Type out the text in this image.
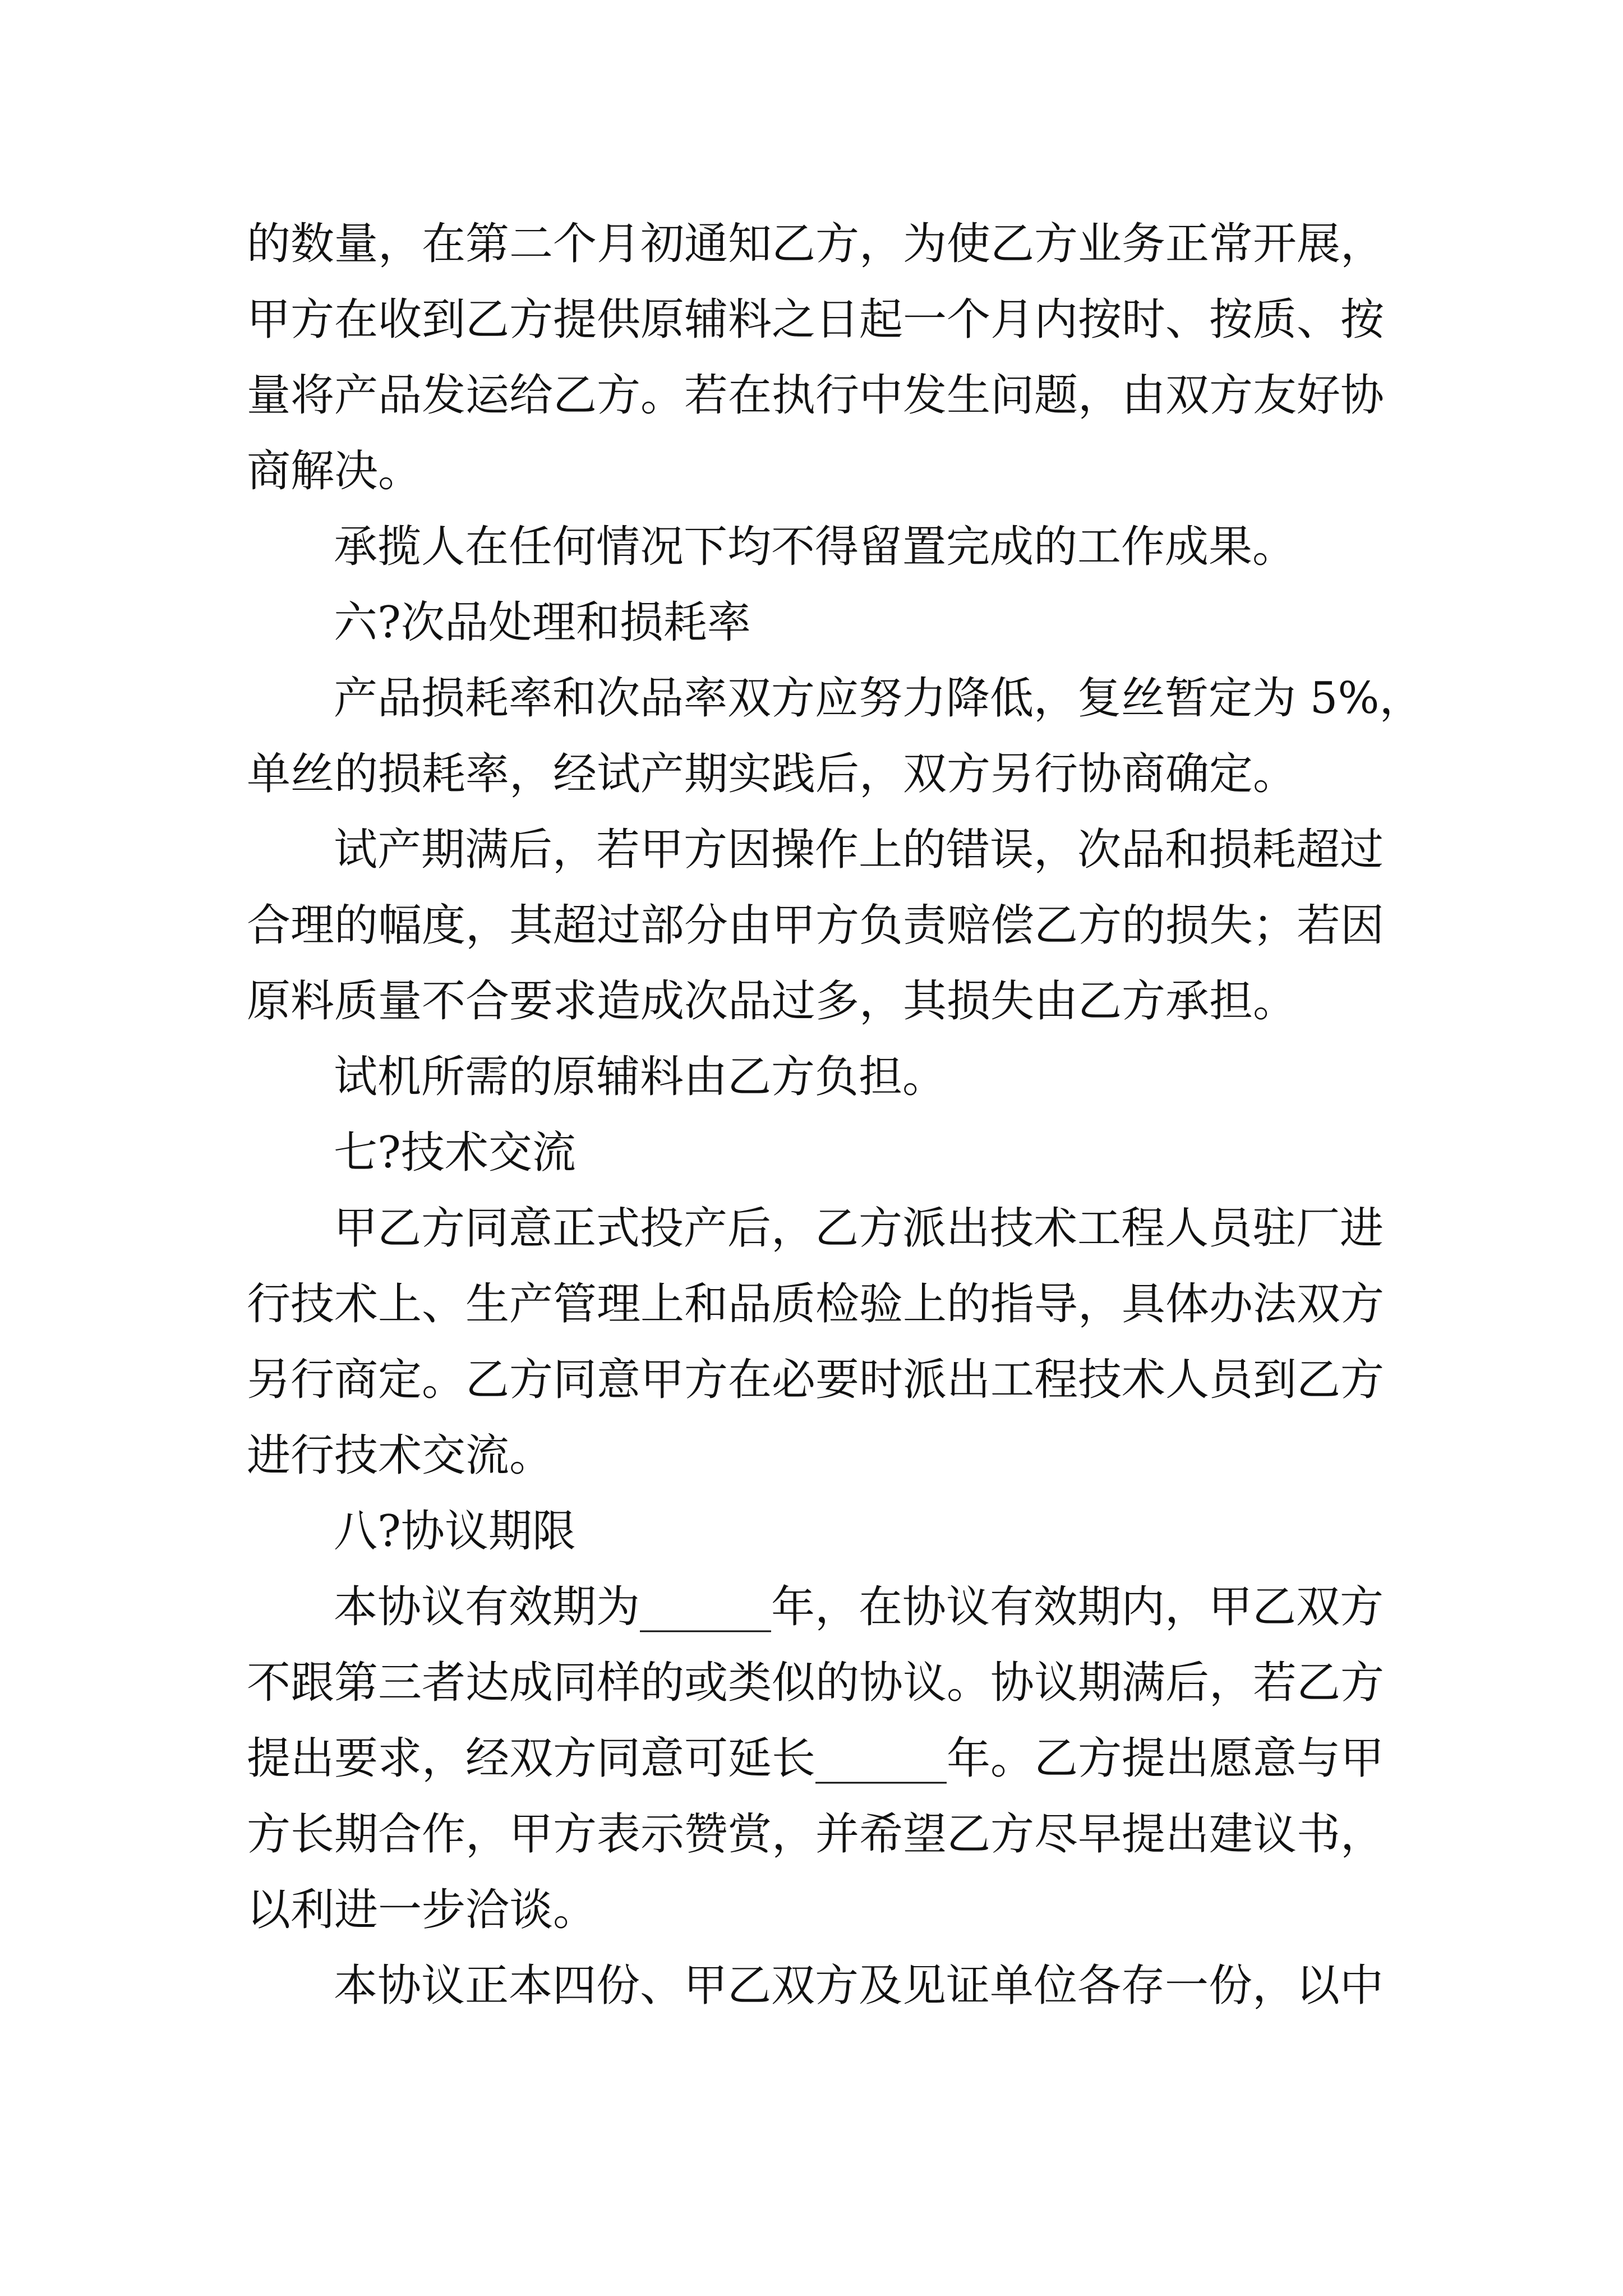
的数量，在第二个月初通知乙方，为使乙方业务正常开展，
甲方在收到乙方提供原辅料之日起一个月内按时、按质、按
量将产品发运给乙方。若在执行中发生问题，由双方友好协
商解决。
承揽人在任何情况下均不得留置完成的工作成果。
六?次品处理和损耗率
产品损耗率和次品率双方应努力降低，复丝暂定为 5%，
单丝的损耗率，经试产期实践后，双方另行协商确定。
试产期满后，若甲方因操作上的错误，次品和损耗超过
合理的幅度，其超过部分由甲方负责赔偿乙方的损失；若因
原料质量不合要求造成次品过多，其损失由乙方承担。
试机所需的原辅料由乙方负担。
七?技术交流
甲乙方同意正式投产后，乙方派出技术工程人员驻厂进
行技术上、生产管理上和品质检验上的指导，具体办法双方
另行商定。乙方同意甲方在必要时派出工程技术人员到乙方
进行技术交流。
八?协议期限
本协议有效期为______年，在协议有效期内，甲乙双方
不跟第三者达成同样的或类似的协议。协议期满后，若乙方
提出要求，经双方同意可延长______年。乙方提出愿意与甲
方长期合作，甲方表示赞赏，并希望乙方尽早提出建议书，
以利进一步洽谈。
本协议正本四份、甲乙双方及见证单位各存一份，以中
